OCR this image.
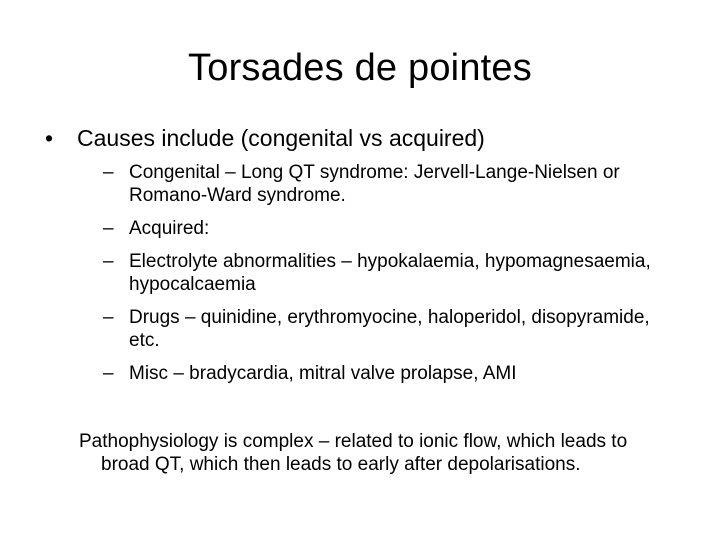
Torsades de pointes
•	Causes include (congenital vs acquired)
– Congenital – Long QT syndrome: Jervell-Lange-Nielsen or Romano-Ward syndrome.
– Acquired:
– Electrolyte abnormalities – hypokalaemia, hypomagnesaemia, hypocalcaemia
– Drugs – quinidine, erythromyocine, haloperidol, disopyramide, etc.
– Misc – bradycardia, mitral valve prolapse, AMI
Pathophysiology is complex – related to ionic flow, which leads to broad QT, which then leads to early after depolarisations.
